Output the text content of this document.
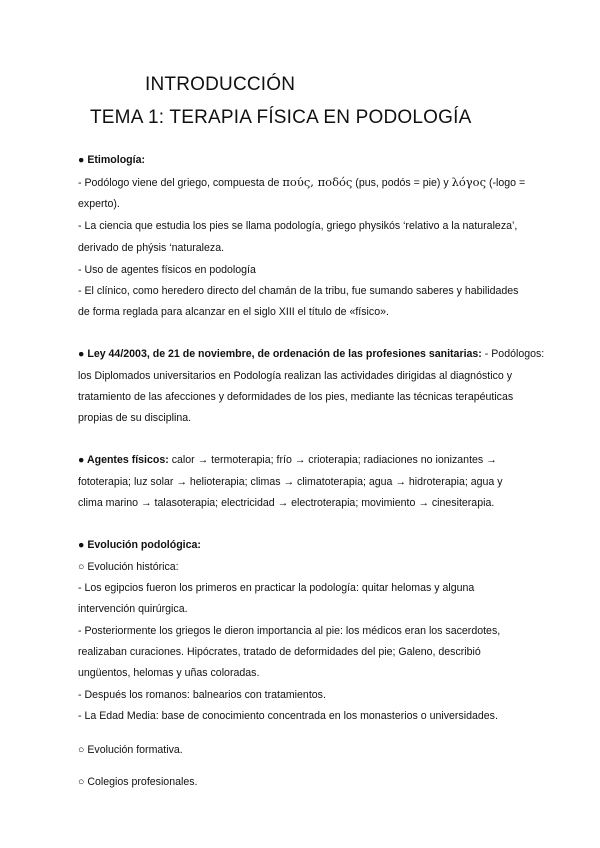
INTRODUCCIÓN
TEMA 1: TERAPIA FÍSICA EN PODOLOGÍA
● Etimología:
- Podólogo viene del griego, compuesta de πούς, ποδός (pus, podós = pie) y λόγος (-logo =
experto).
- La ciencia que estudia los pies se llama podología, griego physikós ‘relativo a la naturaleza’,
derivado de phýsis ‘naturaleza.
- Uso de agentes físicos en podología
- El clínico, como heredero directo del chamán de la tribu, fue sumando saberes y habilidades
de forma reglada para alcanzar en el siglo XIII el título de «físico».
● Ley 44/2003, de 21 de noviembre, de ordenación de las profesiones sanitarias: - Podólogos:
los Diplomados universitarios en Podología realizan las actividades dirigidas al diagnóstico y
tratamiento de las afecciones y deformidades de los pies, mediante las técnicas terapéuticas
propias de su disciplina.
● Agentes físicos: calor → termoterapia; frío → crioterapia; radiaciones no ionizantes →
fototerapia; luz solar → helioterapia; climas → climatoterapia; agua → hidroterapia; agua y
clima marino → talasoterapia; electricidad → electroterapia; movimiento → cinesiterapia.
● Evolución podológica:
○ Evolución histórica:
- Los egipcios fueron los primeros en practicar la podología: quitar helomas y alguna
intervención quirúrgica.
- Posteriormente los griegos le dieron importancia al pie: los médicos eran los sacerdotes,
realizaban curaciones. Hipócrates, tratado de deformidades del pie; Galeno, describió
ungüentos, helomas y uñas coloradas.
- Después los romanos: balnearios con tratamientos.
- La Edad Media: base de conocimiento concentrada en los monasterios o universidades.
○ Evolución formativa.
○ Colegios profesionales.
